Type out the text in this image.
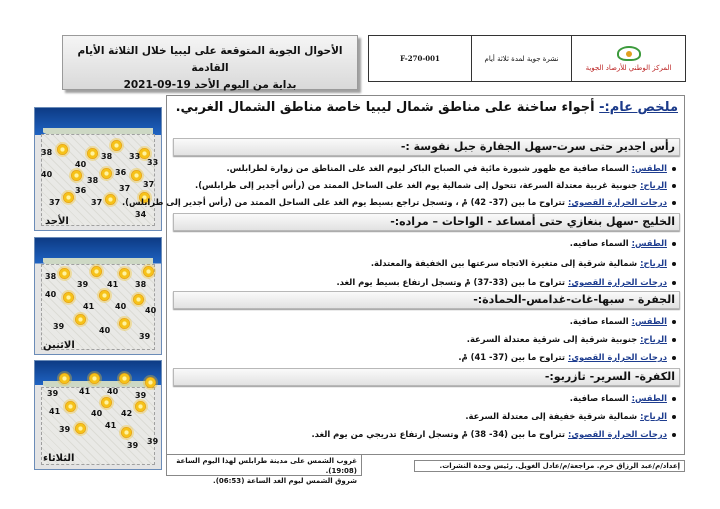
الأحوال الجوية المتوقعة على ليبيا خلال الثلاثة الأيام القادمة
بداية من اليوم الأحد 19-09-2021
F-270-001	نشرة جوية لمدة ثلاثة أيام
المركز الوطني للأرصاد الجوية
38
40
38 33
33
40
38
36
37 37
36
37	37
34
الأحد
38
39 41 38
40
41	40 40
39	40
39
الاثنين
39	41 40 39
41	40 42
41
39
39 39
الثلاثاء
ملخص عام:- أجواء ساخنة على مناطق شمال ليبيا خاصة مناطق الشمال الغربي.
رأس اجدير حتى سرت-سهل الجفارة جبل نفوسة :-
الطقس: السماء صافية مع ظهور شبورة مائية في الصباح الباكر ليوم الغد على المناطق من زوارة لطرابلس.
الرياح: جنوبية غربية معتدلة السرعة، تتحول إلى شمالية يوم الغد على الساحل الممتد من (رأس أجدير إلى طرابلس).
درجات الحرارة القصوى: تتراوح ما بين (37- 42) مْ ، وتسجل تراجع بسيط يوم الغد على الساحل الممتد من (رأس أجدير إلى طرابلس).
الخليج -سهل بنغازي حتى أمساعد - الواحات – مراده:-
الطقس: السماء صافيه.
الرياح: شمالية شرقية إلى متغيرة الاتجاه سرعتها بين الخفيفة والمعتدلة.
درجات الحرارة القصوى: تتراوح ما بين (33-37) مْ وتسجل ارتفاع بسيط يوم الغد.
الجفرة – سبها-غات-غدامس-الحمادة:-
الطقس: السماء صافية.
الرياح: جنوبية شرقية إلى شرقية معتدلة السرعة.
درجات الحرارة القصوى: تتراوح ما بين (37- 41) مْ.
الكفرة- السرير- تازربو:-
الطقس: السماء صافية.
الرياح: شمالية شرقية خفيفة إلى معتدلة السرعة.
درجات الحرارة القصوى: تتراوح ما بين (34- 38) مْ وتسجل ارتفاع تدريجي من يوم الغد.
غروب الشمس على مدينة طرابلس لهذا اليوم الساعة (19:08).
شروق الشمس ليوم الغد الساعة (06:53).
إعداد/م/عبد الرزاق خرم. مراجعة/م/عادل الغويل. رئيس وحدة النشرات.
